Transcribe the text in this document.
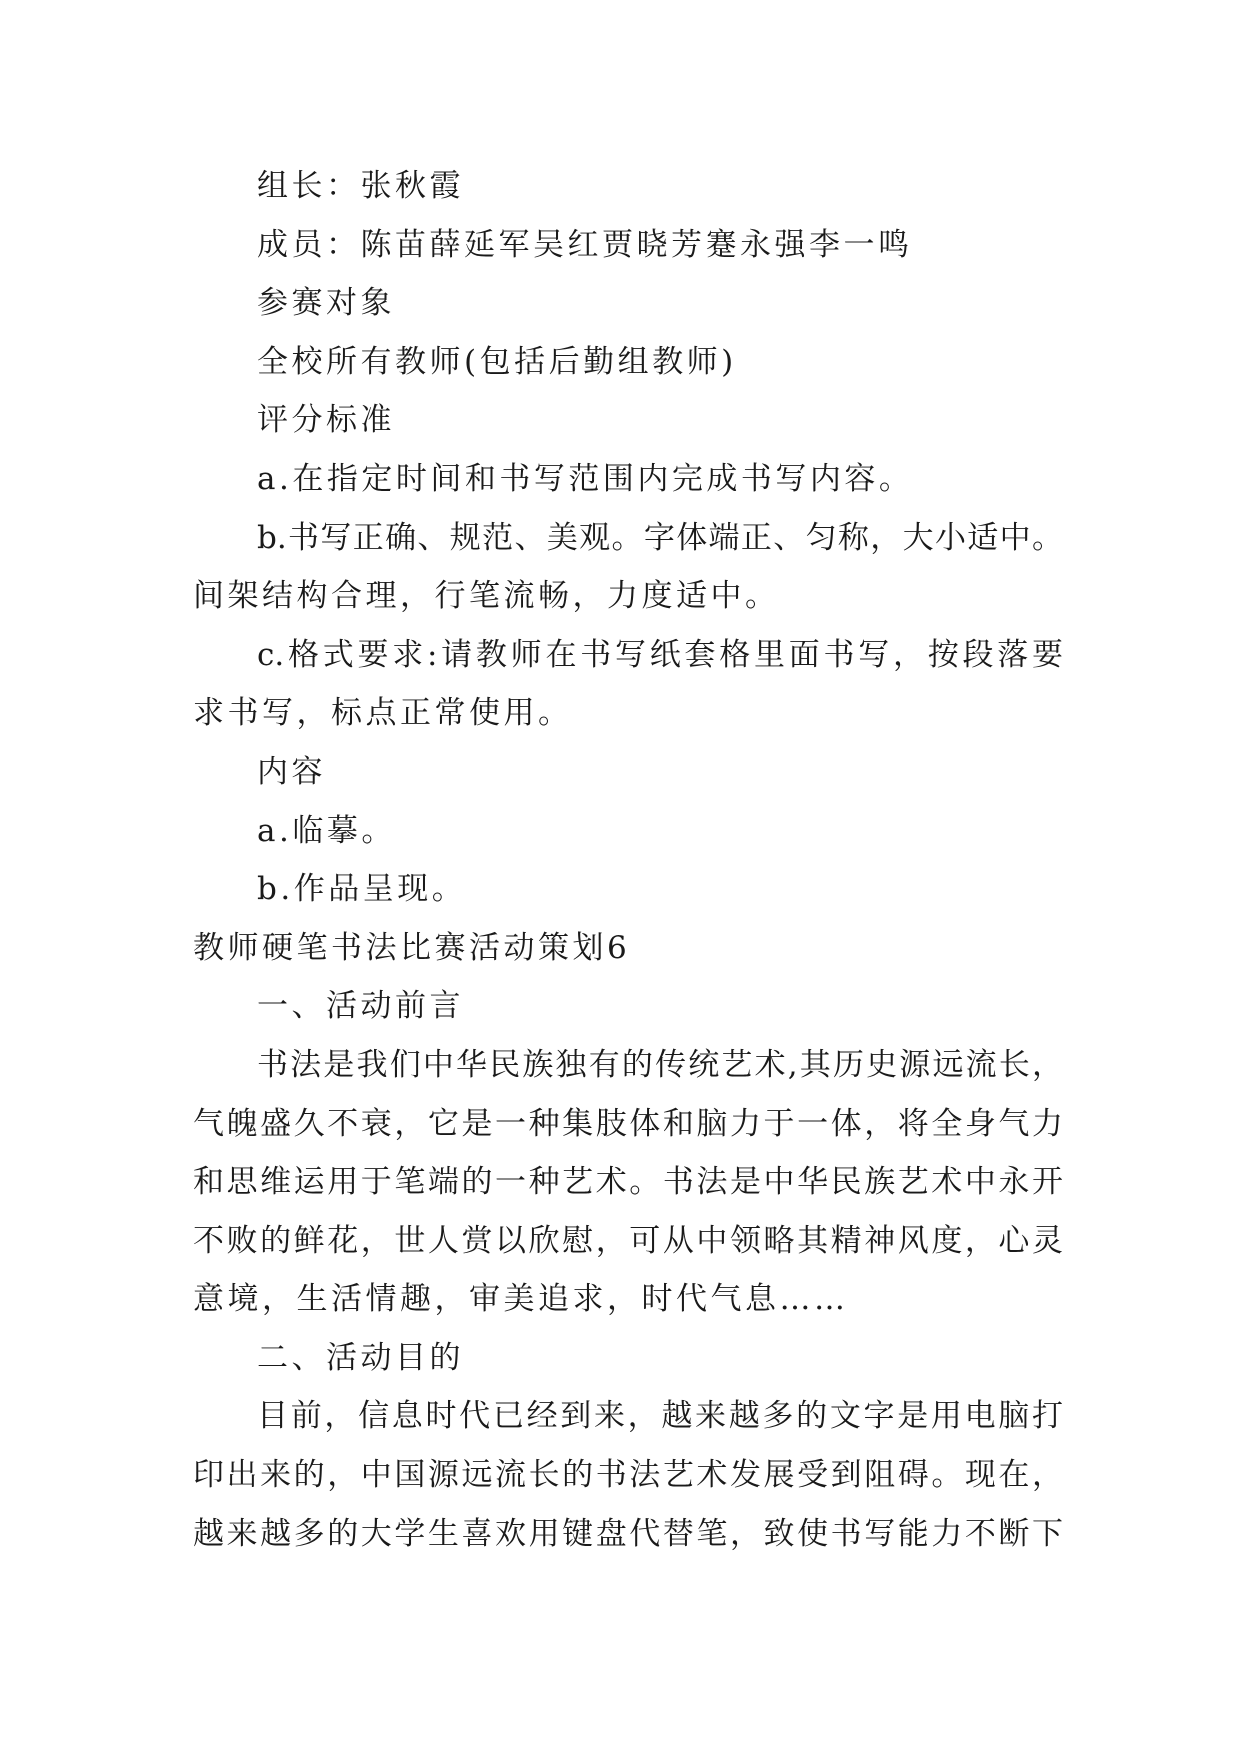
组长：张秋霞
成员：陈苗薛延军吴红贾晓芳蹇永强李一鸣
参赛对象
全校所有教师(包括后勤组教师)
评分标准
a.在指定时间和书写范围内完成书写内容。
b.书写正确、规范、美观。字体端正、匀称，大小适中。
间架结构合理，行笔流畅，力度适中。
c.格式要求:请教师在书写纸套格里面书写，按段落要
求书写，标点正常使用。
内容
a.临摹。
b.作品呈现。
教师硬笔书法比赛活动策划6
一、活动前言
书法是我们中华民族独有的传统艺术,其历史源远流长，
气魄盛久不衰，它是一种集肢体和脑力于一体，将全身气力
和思维运用于笔端的一种艺术。书法是中华民族艺术中永开
不败的鲜花，世人赏以欣慰，可从中领略其精神风度，心灵
意境，生活情趣，审美追求，时代气息……
二、活动目的
目前，信息时代已经到来，越来越多的文字是用电脑打
印出来的，中国源远流长的书法艺术发展受到阻碍。现在，
越来越多的大学生喜欢用键盘代替笔，致使书写能力不断下
